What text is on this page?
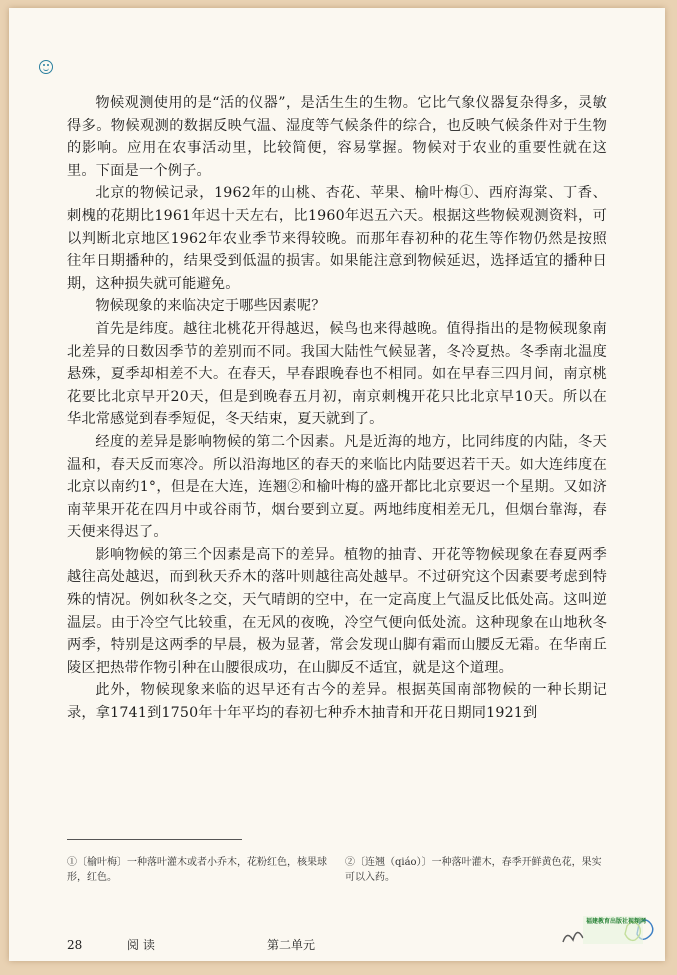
物候观测使用的是“活的仪器”，是活生生的生物。它比气象仪器复杂得多，灵敏得多。物候观测的数据反映气温、湿度等气候条件的综合，也反映气候条件对于生物的影响。应用在农事活动里，比较简便，容易掌握。物候对于农业的重要性就在这里。下面是一个例子。

北京的物候记录，1962年的山桃、杏花、苹果、榆叶梅①、西府海棠、丁香、刺槐的花期比1961年迟十天左右，比1960年迟五六天。根据这些物候观测资料，可以判断北京地区1962年农业季节来得较晚。而那年春初种的花生等作物仍然是按照往年日期播种的，结果受到低温的损害。如果能注意到物候延迟，选择适宜的播种日期，这种损失就可能避免。

物候现象的来临决定于哪些因素呢？

首先是纬度。越往北桃花开得越迟，候鸟也来得越晚。值得指出的是物候现象南北差异的日数因季节的差别而不同。我国大陆性气候显著，冬冷夏热。冬季南北温度悬殊，夏季却相差不大。在春天，早春跟晚春也不相同。如在早春三四月间，南京桃花要比北京早开20天，但是到晚春五月初，南京刺槐开花只比北京早10天。所以在华北常感觉到春季短促，冬天结束，夏天就到了。

经度的差异是影响物候的第二个因素。凡是近海的地方，比同纬度的内陆，冬天温和，春天反而寒冷。所以沿海地区的春天的来临比内陆要迟若干天。如大连纬度在北京以南约1°，但是在大连，连翘②和榆叶梅的盛开都比北京要迟一个星期。又如济南苹果开花在四月中或谷雨节，烟台要到立夏。两地纬度相差无几，但烟台靠海，春天便来得迟了。

影响物候的第三个因素是高下的差异。植物的抽青、开花等物候现象在春夏两季越往高处越迟，而到秋天乔木的落叶则越往高处越早。不过研究这个因素要考虑到特殊的情况。例如秋冬之交，天气晴朗的空中，在一定高度上气温反比低处高。这叫逆温层。由于冷空气比较重，在无风的夜晚，冷空气便向低处流。这种现象在山地秋冬两季，特别是这两季的早晨，极为显著，常会发现山脚有霜而山腰反无霜。在华南丘陵区把热带作物引种在山腰很成功，在山脚反不适宜，就是这个道理。

此外，物候现象来临的迟早还有古今的差异。根据英国南部物候的一种长期记录，拿1741到1750年十年平均的春初七种乔木抽青和开花日期同1921到

①〔榆叶梅〕一种落叶灌木或者小乔木，花粉红色，核果球形，红色。
②〔连翘（qiáo）〕一种落叶灌木，春季开鲜黄色花，果实可以入药。
28	阅 读	第二单元
福建教育出版社视频网
